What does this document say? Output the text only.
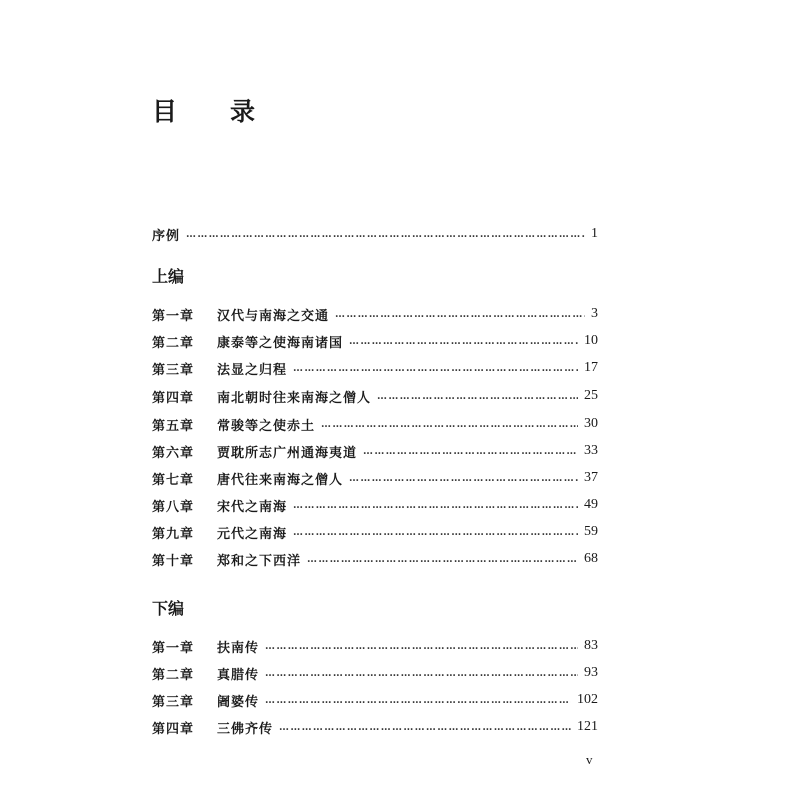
目	录
序例 …………………………………………………………………………………………………………………………………………………	1
上编
第一章	汉代与南海之交通 …………………………………………………………………………………………………………………………………………………	3
第二章	康泰等之使海南诸国 …………………………………………………………………………………………………………………………………………………	10
第三章	法显之归程 …………………………………………………………………………………………………………………………………………………	17
第四章	南北朝时往来南海之僧人 …………………………………………………………………………………………………………………………………………………	25
第五章	常骏等之使赤土 …………………………………………………………………………………………………………………………………………………	30
第六章	贾耽所志广州通海夷道 …………………………………………………………………………………………………………………………………………………	33
第七章	唐代往来南海之僧人 …………………………………………………………………………………………………………………………………………………	37
第八章	宋代之南海 …………………………………………………………………………………………………………………………………………………	49
第九章	元代之南海 …………………………………………………………………………………………………………………………………………………	59
第十章	郑和之下西洋 …………………………………………………………………………………………………………………………………………………	68
下编
第一章	扶南传 …………………………………………………………………………………………………………………………………………………	83
第二章	真腊传 …………………………………………………………………………………………………………………………………………………	93
第三章	阇婆传 …………………………………………………………………………………………………………………………………………………	102
第四章	三佛齐传 …………………………………………………………………………………………………………………………………………………	121
v
